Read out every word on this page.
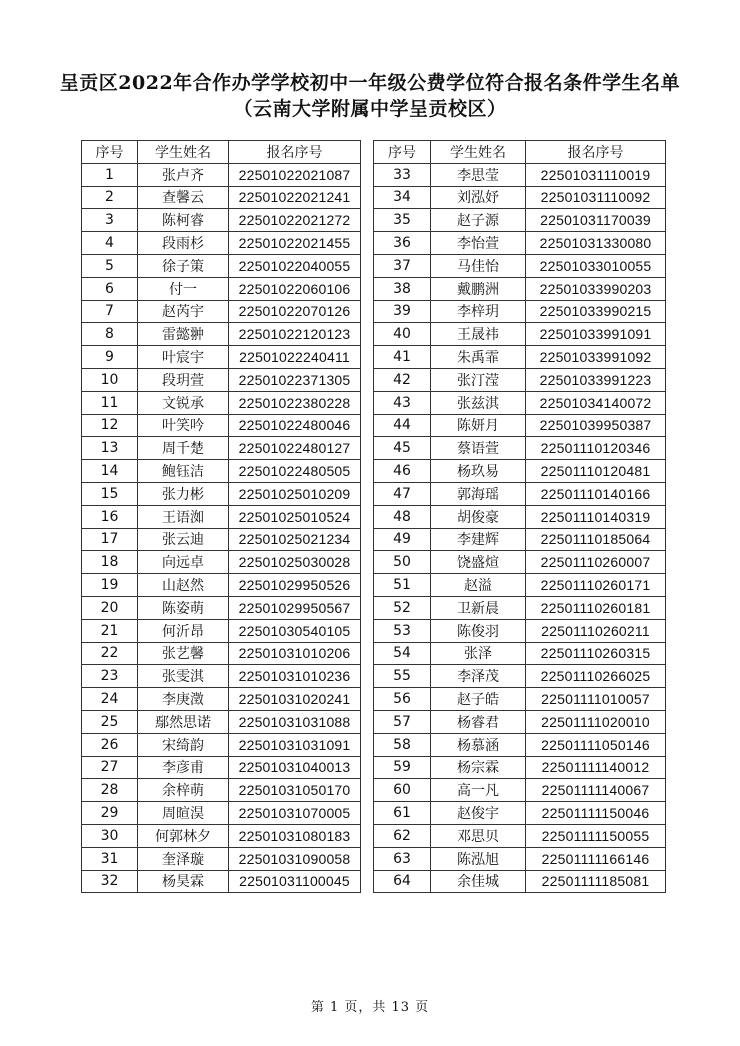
呈贡区2022年合作办学学校初中一年级公费学位符合报名条件学生名单
（云南大学附属中学呈贡校区）
序号	学生姓名	报名序号
1	张卢齐	22501022021087
2	查馨云	22501022021241
3	陈柯睿	22501022021272
4	段雨杉	22501022021455
5	徐子策	22501022040055
6	付一	22501022060106
7	赵芮宇	22501022070126
8	雷懿翀	22501022120123
9	叶宸宇	22501022240411
10	段玥萱	22501022371305
11	文锐承	22501022380228
12	叶笑吟	22501022480046
13	周千楚	22501022480127
14	鲍钰洁	22501022480505
15	张力彬	22501025010209
16	王语洳	22501025010524
17	张云迪	22501025021234
18	向远卓	22501025030028
19	山赵然	22501029950526
20	陈姿萌	22501029950567
21	何沂昂	22501030540105
22	张艺馨	22501031010206
23	张雯淇	22501031010236
24	李庚澂	22501031020241
25	鄢然思诺	22501031031088
26	宋绮韵	22501031031091
27	李彦甫	22501031040013
28	余梓萌	22501031050170
29	周暄淏	22501031070005
30	何郭林夕	22501031080183
31	奎泽璇	22501031090058
32	杨昊霖	22501031100045
序号	学生姓名	报名序号
33	李思莹	22501031110019
34	刘泓妤	22501031110092
35	赵子源	22501031170039
36	李怡萱	22501031330080
37	马佳怡	22501033010055
38	戴鹏洲	22501033990203
39	李梓玥	22501033990215
40	王晟祎	22501033991091
41	朱禹霏	22501033991092
42	张汀滢	22501033991223
43	张兹淇	22501034140072
44	陈妍月	22501039950387
45	蔡语萱	22501110120346
46	杨玖易	22501110120481
47	郭海瑶	22501110140166
48	胡俊豪	22501110140319
49	李建辉	22501110185064
50	饶盛煊	22501110260007
51	赵溢	22501110260171
52	卫新晨	22501110260181
53	陈俊羽	22501110260211
54	张泽	22501110260315
55	李泽茂	22501110266025
56	赵子皓	22501111010057
57	杨睿君	22501111020010
58	杨慕涵	22501111050146
59	杨宗霖	22501111140012
60	高一凡	22501111140067
61	赵俊宇	22501111150046
62	邓思贝	22501111150055
63	陈泓旭	22501111166146
64	余佳城	22501111185081
第 1 页，共 13 页
